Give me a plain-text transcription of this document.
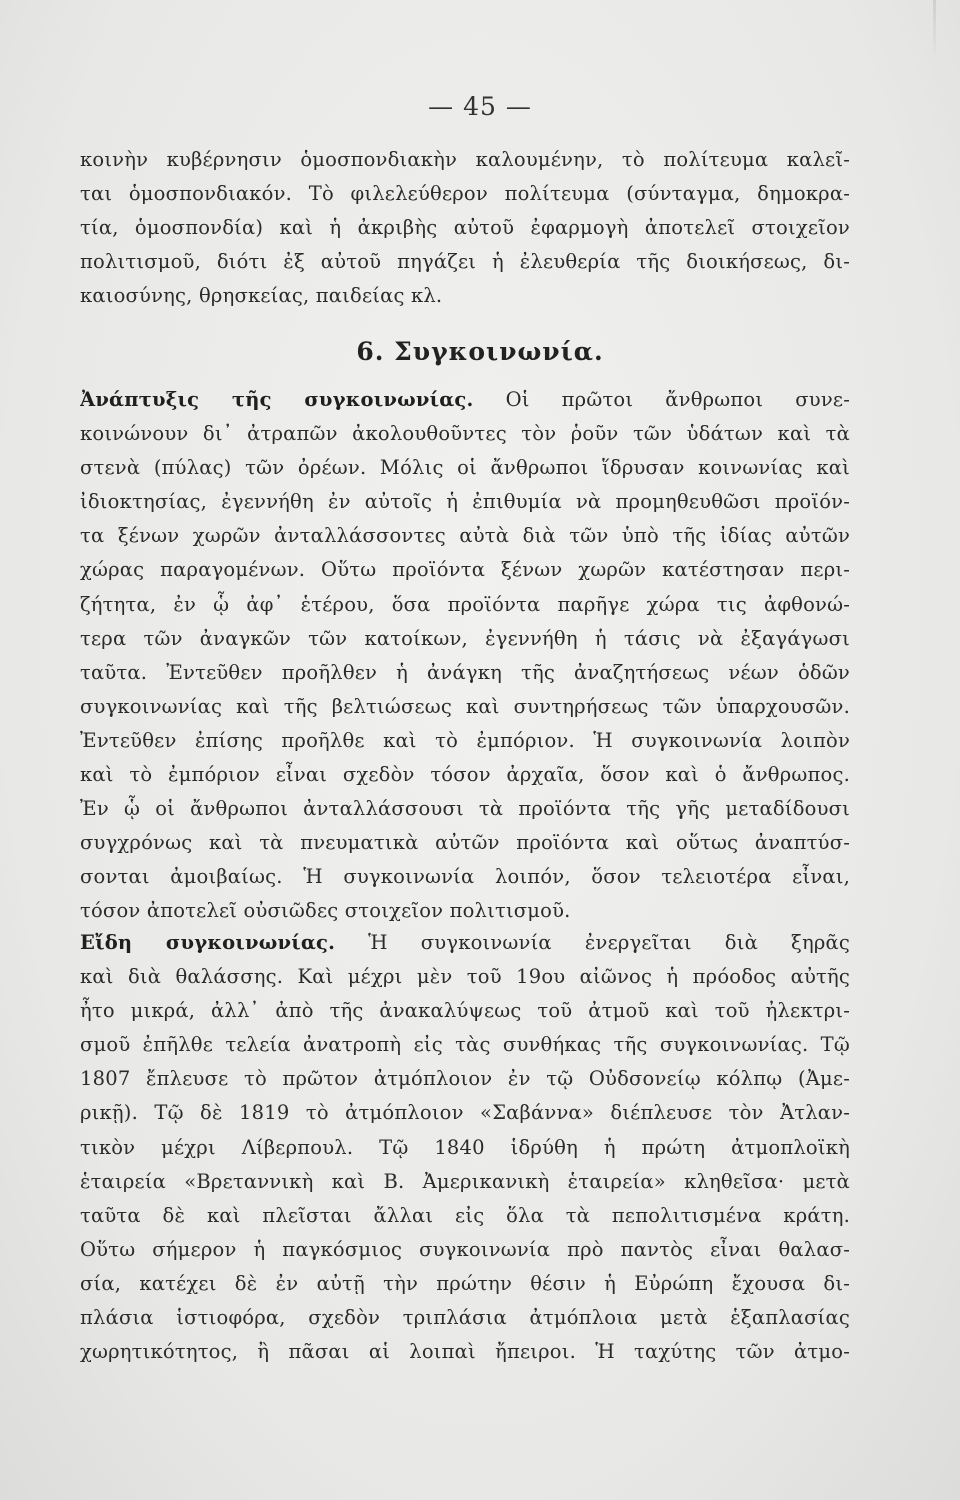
— 45 —
κοινὴν κυβέρνησιν ὁμοσπονδιακὴν καλουμένην, τὸ πολίτευμα καλεῖ-
ται ὁμοσπονδιακόν. Τὸ φιλελεύθερον πολίτευμα (σύνταγμα, δημοκρα-
τία, ὁμοσπονδία) καὶ ἡ ἀκριβὴς αὐτοῦ ἐφαρμογὴ ἀποτελεῖ στοιχεῖον
πολιτισμοῦ, διότι ἐξ αὐτοῦ πηγάζει ἡ ἐλευθερία τῆς διοικήσεως, δι-
καιοσύνης, θρησκείας, παιδείας κλ.
6. Συγκοινωνία.
Ἀνάπτυξις τῆς συγκοινωνίας. Οἱ πρῶτοι ἄνθρωποι συνε-
κοινώνουν δι᾽ ἀτραπῶν ἀκολουθοῦντες τὸν ῥοῦν τῶν ὑδάτων καὶ τὰ
στενὰ (πύλας) τῶν ὀρέων. Μόλις οἱ ἄνθρωποι ἵδρυσαν κοινωνίας καὶ
ἰδιοκτησίας, ἐγεννήθη ἐν αὐτοῖς ἡ ἐπιθυμία νὰ προμηθευθῶσι προϊόν-
τα ξένων χωρῶν ἀνταλλάσσοντες αὐτὰ διὰ τῶν ὑπὸ τῆς ἰδίας αὐτῶν
χώρας παραγομένων. Οὕτω προϊόντα ξένων χωρῶν κατέστησαν περι-
ζήτητα, ἐν ᾧ ἀφ᾽ ἑτέρου, ὅσα προϊόντα παρῆγε χώρα τις ἀφθονώ-
τερα τῶν ἀναγκῶν τῶν κατοίκων, ἐγεννήθη ἡ τάσις νὰ ἐξαγάγωσι
ταῦτα. Ἐντεῦθεν προῆλθεν ἡ ἀνάγκη τῆς ἀναζητήσεως νέων ὁδῶν
συγκοινωνίας καὶ τῆς βελτιώσεως καὶ συντηρήσεως τῶν ὑπαρχουσῶν.
Ἐντεῦθεν ἐπίσης προῆλθε καὶ τὸ ἐμπόριον. Ἡ συγκοινωνία λοιπὸν
καὶ τὸ ἐμπόριον εἶναι σχεδὸν τόσον ἀρχαῖα, ὅσον καὶ ὁ ἄνθρωπος.
Ἐν ᾧ οἱ ἄνθρωποι ἀνταλλάσσουσι τὰ προϊόντα τῆς γῆς μεταδίδουσι
συγχρόνως καὶ τὰ πνευματικὰ αὐτῶν προϊόντα καὶ οὕτως ἀναπτύσ-
σονται ἀμοιβαίως. Ἡ συγκοινωνία λοιπόν, ὅσον τελειοτέρα εἶναι,
τόσον ἀποτελεῖ οὐσιῶδες στοιχεῖον πολιτισμοῦ.
Εἴδη συγκοινωνίας. Ἡ συγκοινωνία ἐνεργεῖται διὰ ξηρᾶς
καὶ διὰ θαλάσσης. Καὶ μέχρι μὲν τοῦ 19ου αἰῶνος ἡ πρόοδος αὐτῆς
ἦτο μικρά, ἀλλ᾽ ἀπὸ τῆς ἀνακαλύψεως τοῦ ἀτμοῦ καὶ τοῦ ἠλεκτρι-
σμοῦ ἐπῆλθε τελεία ἀνατροπὴ εἰς τὰς συνθήκας τῆς συγκοινωνίας. Τῷ
1807 ἔπλευσε τὸ πρῶτον ἀτμόπλοιον ἐν τῷ Οὐδσονείῳ κόλπῳ (Ἀμε-
ρικῇ). Τῷ δὲ 1819 τὸ ἀτμόπλοιον «Σαβάννα» διέπλευσε τὸν Ἀτλαν-
τικὸν μέχρι Λίβερπουλ. Τῷ 1840 ἱδρύθη ἡ πρώτη ἀτμοπλοϊκὴ
ἑταιρεία «Βρεταννικὴ καὶ Β. Ἀμερικανικὴ ἑταιρεία» κληθεῖσα· μετὰ
ταῦτα δὲ καὶ πλεῖσται ἄλλαι εἰς ὅλα τὰ πεπολιτισμένα κράτη.
Οὕτω σήμερον ἡ παγκόσμιος συγκοινωνία πρὸ παντὸς εἶναι θαλασ-
σία, κατέχει δὲ ἐν αὐτῇ τὴν πρώτην θέσιν ἡ Εὐρώπη ἔχουσα δι-
πλάσια ἱστιοφόρα, σχεδὸν τριπλάσια ἀτμόπλοια μετὰ ἑξαπλασίας
χωρητικότητος, ἢ πᾶσαι αἱ λοιπαὶ ἤπειροι. Ἡ ταχύτης τῶν ἀτμο-
